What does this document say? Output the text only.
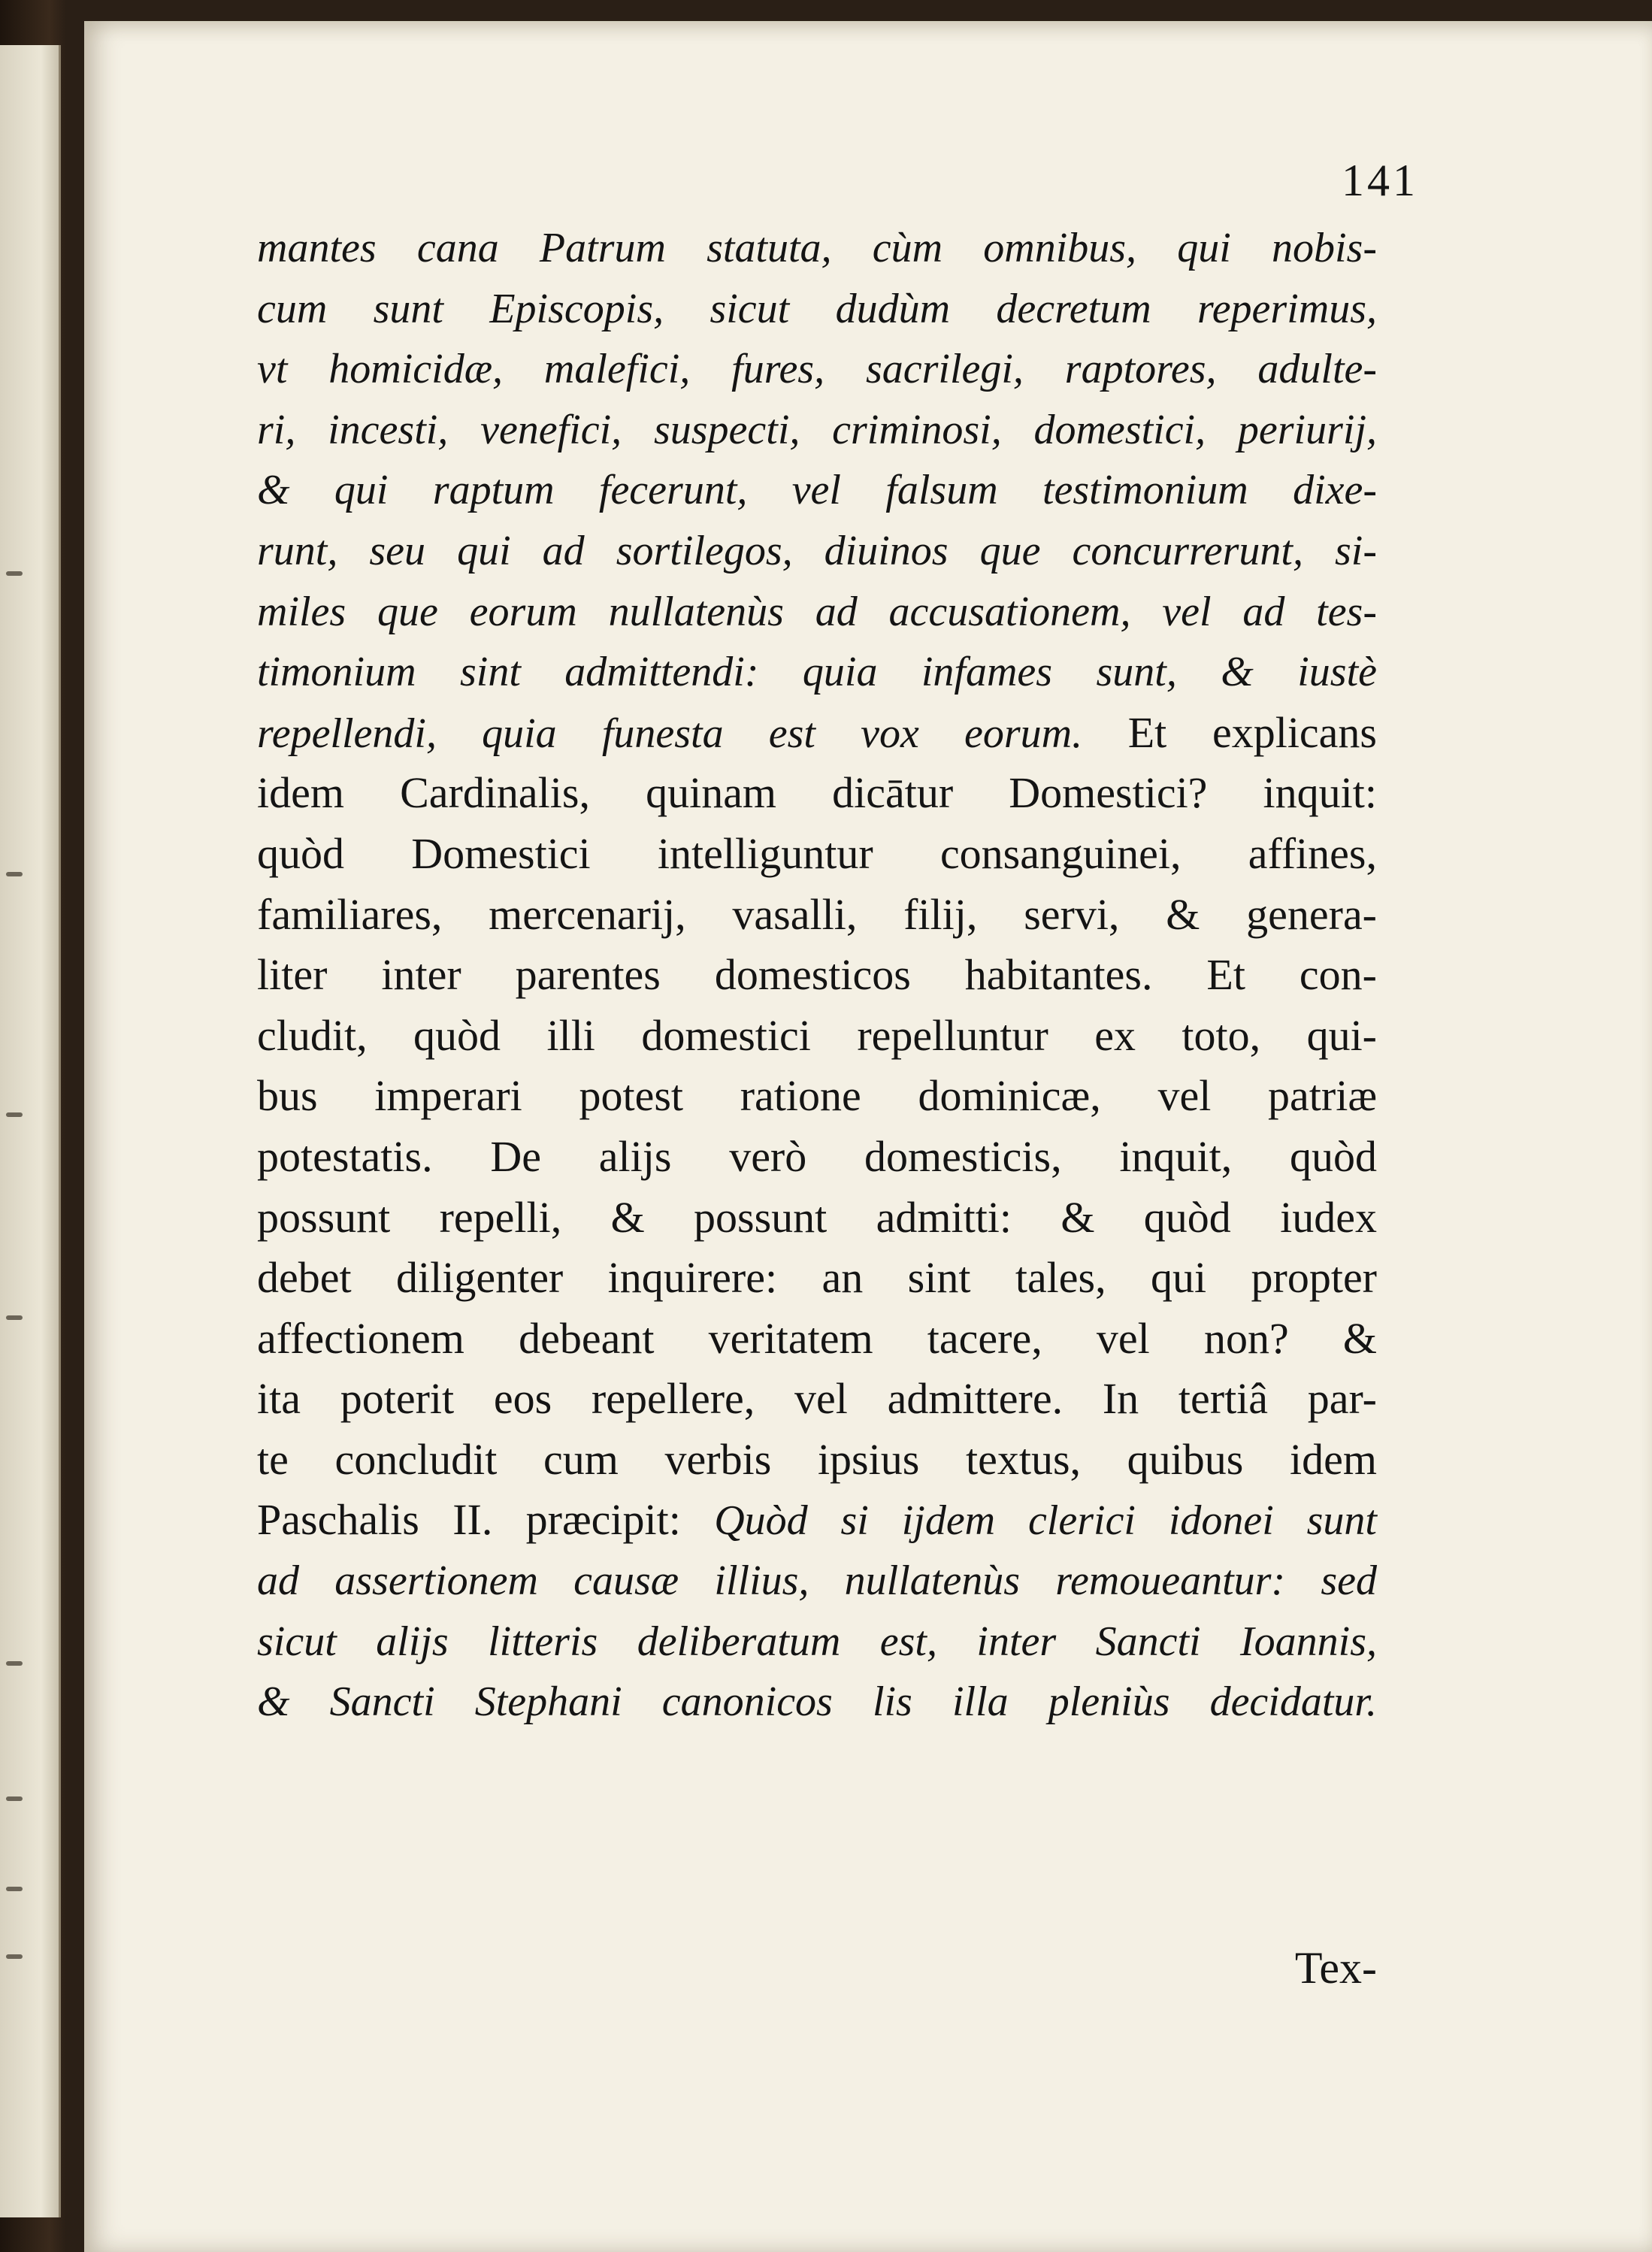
141
mantes cana Patrum statuta, cùm omnibus, qui nobis-
cum sunt Episcopis, sicut dudùm decretum reperimus,
vt homicidæ, malefici, fures, sacrilegi, raptores, adulte-
ri, incesti, venefici, suspecti, criminosi, domestici, periurij,
& qui raptum fecerunt, vel falsum testimonium dixe-
runt, seu qui ad sortilegos, diuinos que concurrerunt, si-
miles que eorum nullatenùs ad accusationem, vel ad tes-
timonium sint admittendi: quia infames sunt, & iustè
repellendi, quia funesta est vox eorum. Et explicans
idem Cardinalis, quinam dicātur Domestici? inquit:
quòd Domestici intelliguntur consanguinei, affines,
familiares, mercenarij, vasalli, filij, servi, & genera-
liter inter parentes domesticos habitantes. Et con-
cludit, quòd illi domestici repelluntur ex toto, qui-
bus imperari potest ratione dominicæ, vel patriæ
potestatis. De alijs verò domesticis, inquit, quòd
possunt repelli, & possunt admitti: & quòd iudex
debet diligenter inquirere: an sint tales, qui propter
affectionem debeant veritatem tacere, vel non? &
ita poterit eos repellere, vel admittere. In tertiâ par-
te concludit cum verbis ipsius textus, quibus idem
Paschalis II. præcipit: Quòd si ijdem clerici idonei sunt
ad assertionem causæ illius, nullatenùs remoueantur: sed
sicut alijs litteris deliberatum est, inter Sancti Ioannis,
& Sancti Stephani canonicos lis illa pleniùs decidatur.
Tex-
